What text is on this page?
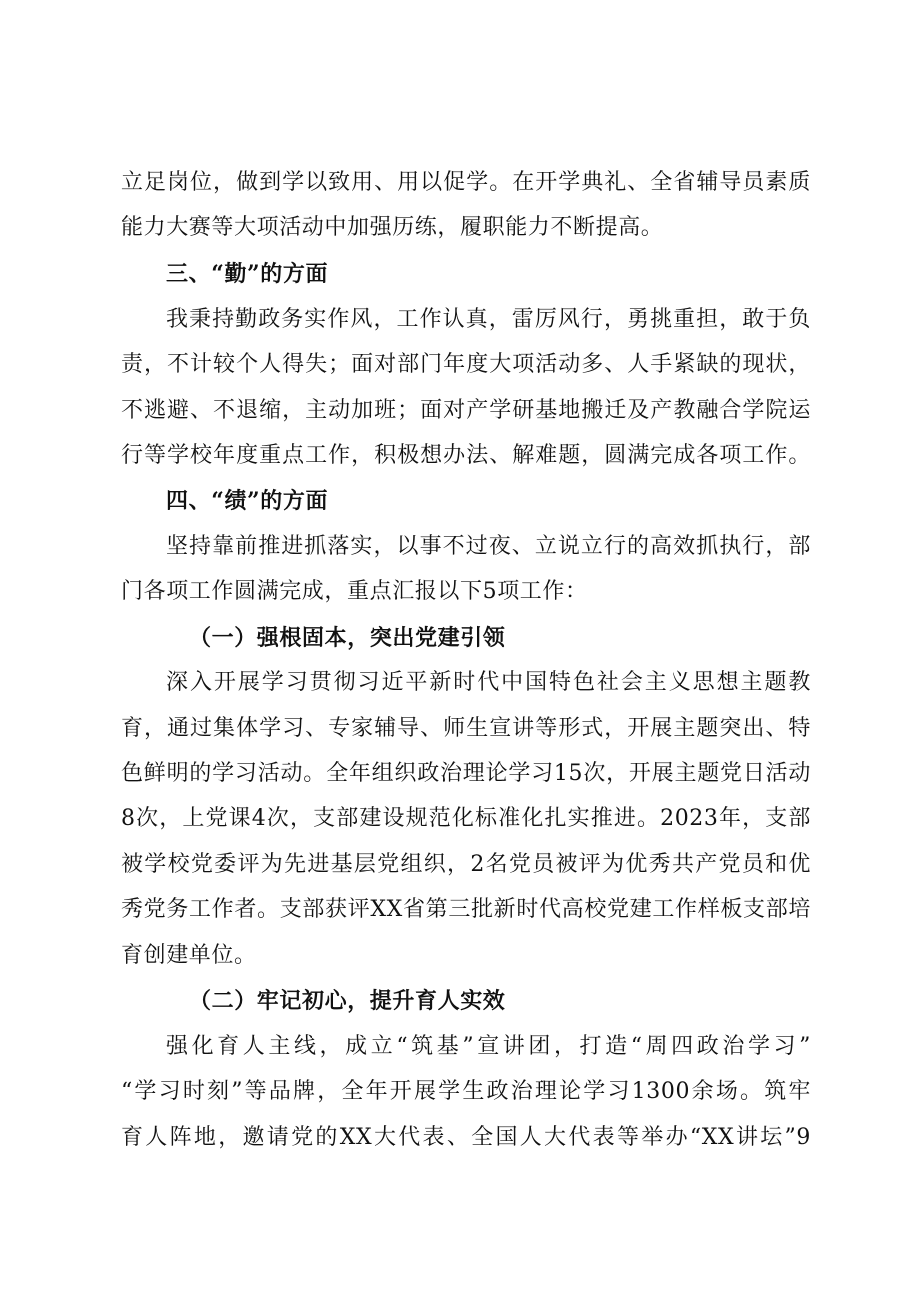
立足岗位，做到学以致用、用以促学。在开学典礼、全省辅导员素质
能力大赛等大项活动中加强历练，履职能力不断提高。
三、“勤”的方面
我秉持勤政务实作风，工作认真，雷厉风行，勇挑重担，敢于负
责，不计较个人得失；面对部门年度大项活动多、人手紧缺的现状，
不逃避、不退缩，主动加班；面对产学研基地搬迁及产教融合学院运
行等学校年度重点工作，积极想办法、解难题，圆满完成各项工作。
四、“绩”的方面
坚持靠前推进抓落实，以事不过夜、立说立行的高效抓执行，部
门各项工作圆满完成，重点汇报以下5项工作：
（一）强根固本，突出党建引领
深入开展学习贯彻习近平新时代中国特色社会主义思想主题教
育，通过集体学习、专家辅导、师生宣讲等形式，开展主题突出、特
色鲜明的学习活动。全年组织政治理论学习15次，开展主题党日活动
8次，上党课4次，支部建设规范化标准化扎实推进。2023年，支部
被学校党委评为先进基层党组织，2名党员被评为优秀共产党员和优
秀党务工作者。支部获评XX省第三批新时代高校党建工作样板支部培
育创建单位。
（二）牢记初心，提升育人实效
强化育人主线，成立“筑基”宣讲团，打造“周四政治学习”
“学习时刻”等品牌，全年开展学生政治理论学习1300余场。筑牢
育人阵地，邀请党的XX大代表、全国人大代表等举办“XX讲坛”9
